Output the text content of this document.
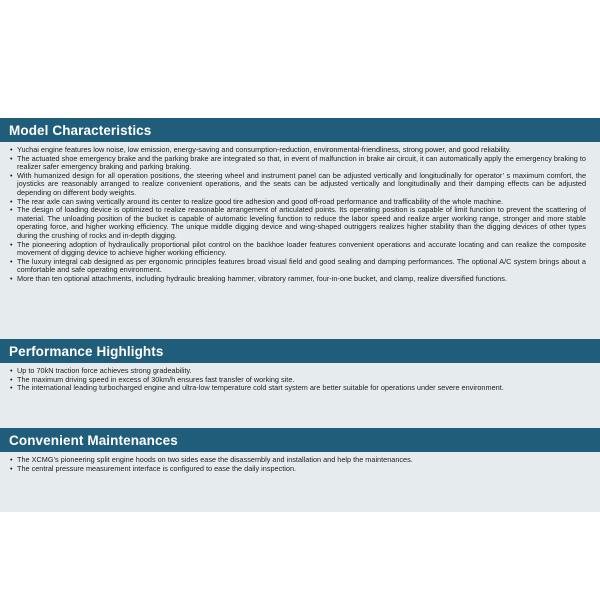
Model Characteristics
• Yuchai engine features low noise, low emission, energy-saving and consumption-reduction, environmental-friendliness, strong power, and good reliability.
• The actuated shoe emergency brake and the parking brake are integrated so that, in event of malfunction in brake air circuit, it can automatically apply the emergency braking to realizer safer emergency braking and parking braking.
• With humanized design for all operation positions, the steering wheel and instrument panel can be adjusted vertically and longitudinally for operator’ s maximum comfort, the joysticks are reasonably arranged to realize convenient operations, and the seats can be adjusted vertically and longitudinally and their damping effects can be adjusted depending on different body weights.
• The rear axle can swing vertically around its center to realize good tire adhesion and good off-road performance and trafficability of the whole machine.
• The design of loading device is optimized to realize reasonable arrangement of articulated points. Its operating position is capable of limit function to prevent the scattering of material. The unloading position of the bucket is capable of automatic leveling function to reduce the labor speed and realize arger working range, stronger and more stable operating force, and higher working efficiency. The unique middle digging device and wing-shaped outriggers realizes higher stability than the digging devices of other types during the crushing of rocks and in-depth digging.
• The pioneering adoption of hydraulically proportional pilot control on the backhoe loader features convenient operations and accurate locating and can realize the composite movement of digging device to achieve higher working efficiency.
• The luxury integral cab designed as per ergonomic principles features broad visual field and good sealing and damping performances. The optional A/C system brings about a comfortable and safe operating environment.
• More than ten optional attachments, including hydraulic breaking hammer, vibratory rammer, four-in-one bucket, and clamp, realize diversified functions.
Performance Highlights
• Up to 70kN traction force achieves strong gradeability.
• The maximum driving speed in excess of 30km/h ensures fast transfer of working site.
• The international leading turbocharged engine and ultra-low temperature cold start system are better suitable for operations under severe environment.
Convenient Maintenances
• The XCMG’s pioneering split engine hoods on two sides ease the disassembly and installation and help the maintenances.
• The central pressure measurement interface is configured to ease the daily inspection.
